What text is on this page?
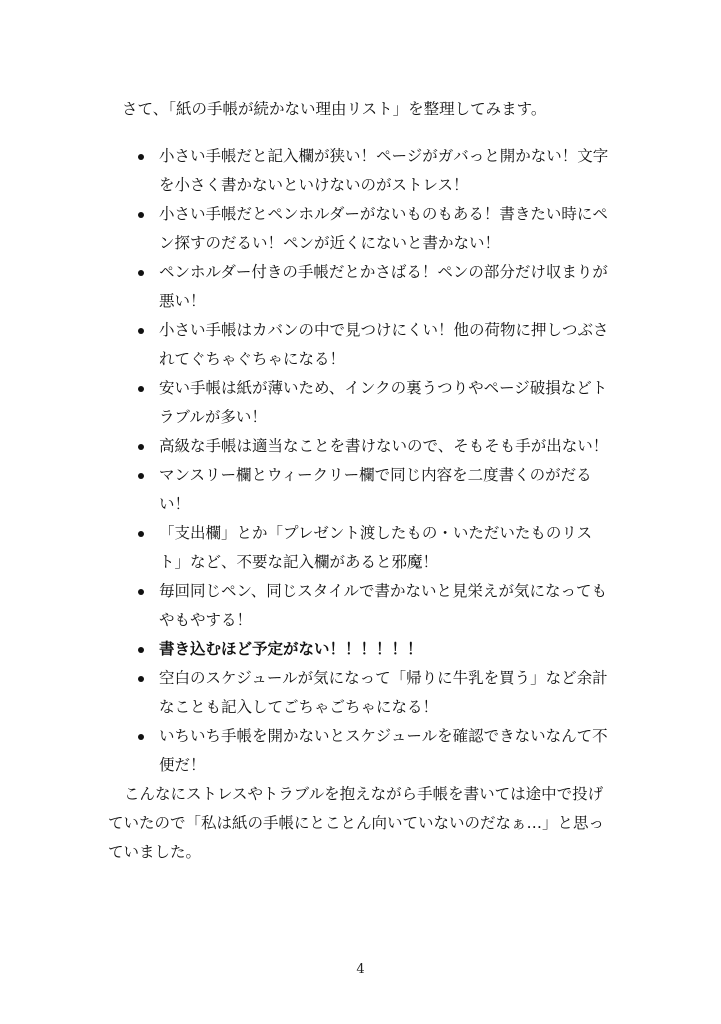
さて、「紙の手帳が続かない理由リスト」を整理してみます。
小さい手帳だと記入欄が狭い！ページがガバっと開かない！文字を小さく書かないといけないのがストレス！
小さい手帳だとペンホルダーがないものもある！書きたい時にペン探すのだるい！ペンが近くにないと書かない！
ペンホルダー付きの手帳だとかさばる！ペンの部分だけ収まりが悪い！
小さい手帳はカバンの中で見つけにくい！他の荷物に押しつぶされてぐちゃぐちゃになる！
安い手帳は紙が薄いため、インクの裏うつりやページ破損などトラブルが多い！
高級な手帳は適当なことを書けないので、そもそも手が出ない！
マンスリー欄とウィークリー欄で同じ内容を二度書くのがだるい！
「支出欄」とか「プレゼント渡したもの・いただいたものリスト」など、不要な記入欄があると邪魔！
毎回同じペン、同じスタイルで書かないと見栄えが気になってもやもやする！
書き込むほど予定がない！！！！！！
空白のスケジュールが気になって「帰りに牛乳を買う」など余計なことも記入してごちゃごちゃになる！
いちいち手帳を開かないとスケジュールを確認できないなんて不便だ！

こんなにストレスやトラブルを抱えながら手帳を書いては途中で投げていたので「私は紙の手帳にとことん向いていないのだなぁ…」と思っていました。

4
